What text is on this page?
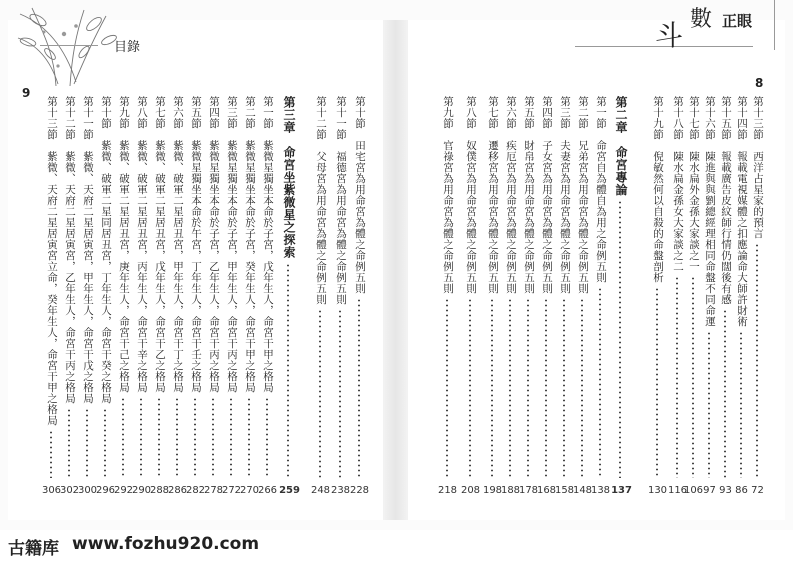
目錄
9
斗 數 正眼
8
第十三節　西洋占星家的預言
72
第十四節　報載電視媒體之扣應論命大師許財術
86
第十五節　報載廣告皮紋師行情仍闊後有感
93
第十六節　陳進與與劉總經理相同命盤不同命運
97
第十七節　陳水扁外金孫大家談之一
106
第十八節　陳水扁金孫女大家談之二
116
第十九節　倪敏然何以自殺的命盤剖析
130
第二章　命宮專論
137
第一節　命宮自為體自為用之命例五則
138
第二節　兄弟宮為用命宮為體之命例五則
148
第三節　夫妻宮為用命宮為體之命例五則
158
第四節　子女宮為用命宮為體之命例五則
168
第五節　財帛宮為用命宮為體之命例五則
178
第六節　疾厄宮為用命宮為體之命例五則
188
第七節　遷移宮為用命宮為體之命例五則
198
第八節　奴僕宮為用命宮為體之命例五則
208
第九節　官祿宮為用命宮為體之命例五則
218
第十節　田宅宮為用命宮為體之命例五則
228
第十一節　福德宮為用命宮為體之命例五則
238
第十二節　父母宮為用命宮為體之命例五則
248
第三章　命宮坐紫微星之探索
259
第一節　紫微星獨坐本命於子宮，戊年生人，命宮干甲之格局
266
第二節　紫微星獨坐本命於子宮，癸年生人，命宮干甲之格局
270
第三節　紫微星獨坐本命於子宮，甲年生人，命宮干丙之格局
272
第四節　紫微星獨坐本命於子宮，乙年生人，命宮干丙之格局
278
第五節　紫微星獨坐本命於午宮，丁年生人，命宮干壬之格局
282
第六節　紫微、破軍二星居丑宮，甲年生人，命宮干丁之格局
286
第七節　紫微、破軍二星居丑宮，戊年生人，命宮干乙之格局
288
第八節　紫微、破軍二星居丑宮，丙年生人，命宮干辛之格局
290
第九節　紫微、破軍二星居丑宮，庚年生人，命宮干己之格局
292
第十節　紫微、破軍二星同居丑宮，丁年生人，命宮干癸之格局
296
第十一節　紫微、天府二星居寅宮，甲年生人，命宮干戊之格局
300
第十二節　紫微、天府二星居寅宮，乙年生人，命宮干丙之格局
302
第十三節　紫微、天府二星居寅宮立命，癸年生人，命宮干甲之格局
306
古籍库 www.fozhu920.com
